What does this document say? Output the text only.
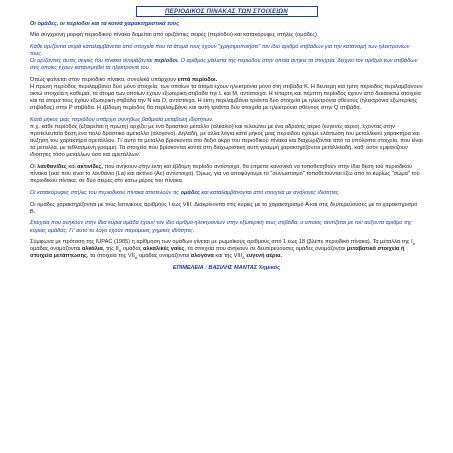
ΠΕΡΙΟΔΙΚΟΣ ΠΙΝΑΚΑΣ ΤΩΝ ΣΤΟΙΧΕΙΩΝ

Οι ομάδες, οι περίοδοι και τα κοινά χαρακτηριστικά τους

Μία σύγχρονη μορφή περιοδικού πίνακα δομείται από οριζόντιες σειρές (περίοδοι) και κατακόρυφες στήλες (ομάδες).

Κάθε οριζόντια σειρά καταλαμβάνεται από στοιχεία που τα άτομά τους έχουν "χρησιμοποιήσει" τον ίδιο αριθμό στιβάδων για την κατανομή των ηλεκτρονίων τους.
Οι οριζόντιες αυτές σειρές του πίνακα ονομάζονται περίοδοι. Ο αριθμός μάλιστα της περιόδου στην οποία ανήκει τα στοιχεία, δείχνει τον αριθμό των στιβάδων στις οποίες έχουν κατανεμηθεί τα ηλεκτρόνιά του.

Όπως φαίνεται στον περιοδικό πίνακα, συνολικά υπάρχουν επτά περίοδοι.
Η πρώτη περίοδος περιλαμβάνει δύο μόνο στοιχεία, των οποίων τα άτομα έχουν ηλεκτρόνια μόνο στη στιβάδα K. Η δεύτερη και τρίτη περίοδος περιλαμβάνουν οκτώ στοιχεία η καθεμιά, τα άτομα των οποίων έχουν εξωτερική στιβάδα την L και M, αντίστοιχα. Η τέταρτη και πέμπτη περίοδος έχουν από δεκαοκτώ στοιχεία και τα άτομά τους έχουν εξωτερική στιβάδα την N και O, αντίστοιχα. Η έκτη περιλαμβάνει τριάντα δύο στοιχεία με ηλεκτρόνια σθένους (ηλεκτρόνια εξωτερικής στιβάδας) στην P στιβάδα. Η έβδομη περίοδος θα περιλαμβάνει και αυτή τριάντα δύο στοιχεία με ηλεκτρόνια σθένους στην Q στιβάδα.

Κατά μήκος μιας περιόδου υπάρχει συνήθως βαθμιαία μεταβολή ιδιοτήτων.
π.χ. κάθε περίοδος (εξαιρείται η πρώτη) αρχίζει με ένα δραστικό μέταλλο (αλκάλιο) και τελειώνει με ένα αδρανές αέριο (ευγενές αέριο), έχοντας στην προτελευταία θέση ένα πολύ δραστικό αμέταλλο (αλογόνο). Δηλαδή, με αλλά λόγια κατά μήκος μιας περιόδου έχουμε ελάττωση του μεταλλικού χαρακτήρα και αύξηση του χαρακτήρα αμετάλλου. Γι' αυτό τα μεταλλα βρίσκονται στο δεξιό άκρο του περιοδικού πίνακα και διαχωρίζονται από τα υπόλοιπα στοιχεία, που είναι τα μέταλλα, με τεθλασμένη γραμμή. Τα στοιχεία που βρίσκονται κοντά στη διαχωριστική αυτή γραμμή χαρακτηρίζονται μεταλλοειδή, καθ' όσον εμφανίζουν ιδιότητες τόσο μετάλλων όσο και αμετάλλων.

Οι λανθανίδες και ακτινίδες, που ανήκουν στην έκτη και έβδομη περίοδο αντίστοιχα, θα έπρεπε κανονικά να τοποθετηθούν στην ίδια θέση του περιοδικού πίνακα (εκεί που είναι το λανθάνιο (La) και ακτίνιο (Ac) αντίστοιχα). Όμως, για να αποφύγουμε το "συνωστισμό" τοποθετούνται έξω από το κυρίως "σώμα" του περιοδικού πίνακα, σε δύο σειρές στο κάτω μέρος του πίνακα.

Οι κατακόρυφες στήλες του περιοδικού πίνακα αποτελούν τις ομάδες και καταλαμβάνονται από στοιχεία με ανάλογες ιδιότητες.

Οι ομάδες χαρακτηρίζονται με τους λατινικούς αριθμούς I έως VIII. Διακρίνονται στις κύριες με το χαρακτηρισμό A και στις δευτερεύουσες με το χαρακτηρισμό B.

Στοιχεία που ανήκουν στην ίδια κύρια ομάδα έχουν τον ίδιο αριθμό ηλεκτρονίων στην εξωτερική τους στιβάδα, ο οποίος ταυτίζεται με τον αύξοντα αριθμό της κύριας ομάδας. Γι' αυτό το λόγο έχουν παρόμοιες χημικές ιδιότητες.

Σύμφωνα με πρόταση της IUPAC (1985) η αρίθμηση των ομάδων γίνεται με ρωμαϊκούς αριθμούς από 1 έως 18 (βλέπε περιοδικό πίνακα). Τα μέταλλα της $I_A$ ομάδας ονομάζονται αλκάλια, της $II_A$ ομάδας αλκαλικές γαίες, τα στοιχεία που ανήκουν σε δευτερεύουσες ομάδες ονομάζονται μεταβατικά στοιχεία ή στοιχεία μετάπτωσης, τα στοιχεία της $VII_A$ ομάδας ονομάζονται αλογόνα και της $VIII_A$ ευγενή αέρια.

ΕΠΙΜΕΛΕΙΑ : ΒΑΣΙΛΗΣ ΜΑΝΤΑΣ Χημικός
